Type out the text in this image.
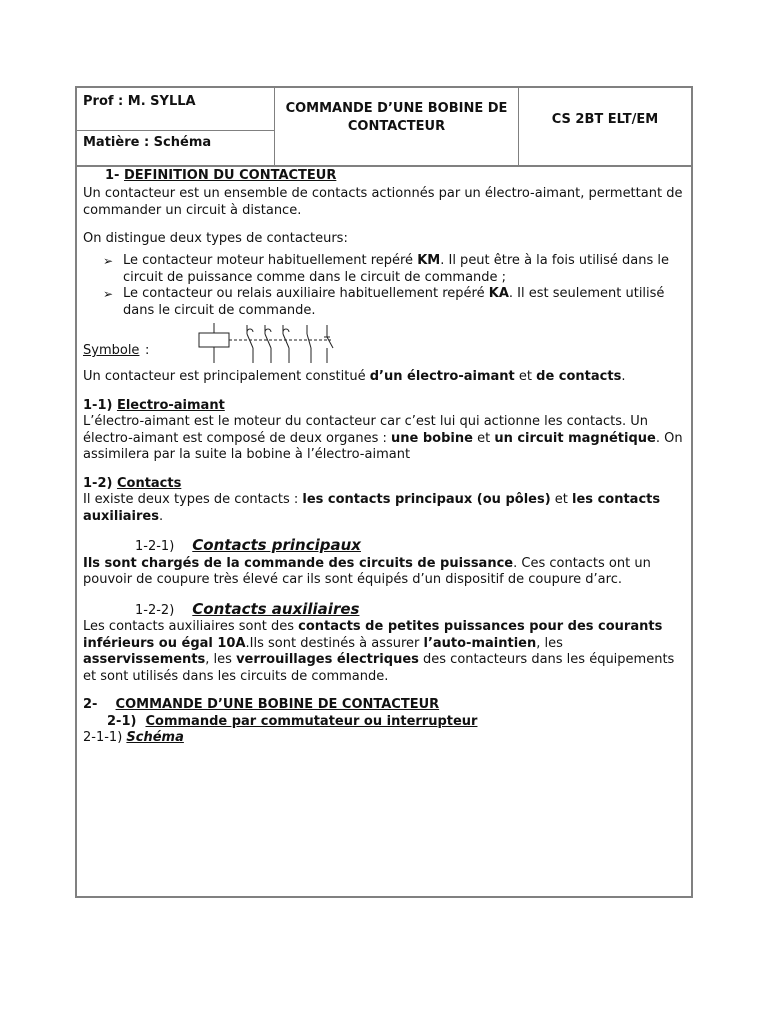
Prof : M. SYLLA
Matière : Schéma
COMMANDE D’UNE BOBINE DE CONTACTEUR	CS 2BT ELT/EM

1- DEFINITION DU CONTACTEUR

Un contacteur est un ensemble de contacts actionnés par un électro-aimant, permettant de commander un circuit à distance.

On distingue deux types de contacteurs:

➢ Le contacteur moteur habituellement repéré KM. Il peut être à la fois utilisé dans le circuit de puissance comme dans le circuit de commande ;
➢ Le contacteur ou relais auxiliaire habituellement repéré KA. Il est seulement utilisé dans le circuit de commande.
Symbole :

Un contacteur est principalement constitué d’un électro-aimant et de contacts.

1-1) Electro-aimant

L’électro-aimant est le moteur du contacteur car c’est lui qui actionne les contacts. Un électro-aimant est composé de deux organes : une bobine et un circuit magnétique. On assimilera par la suite la bobine à l’électro-aimant

1-2) Contacts

Il existe deux types de contacts : les contacts principaux (ou pôles) et les contacts auxiliaires.

1-2-1) Contacts principaux

Ils sont chargés de la commande des circuits de puissance. Ces contacts ont un pouvoir de coupure très élevé car ils sont équipés d’un dispositif de coupure d’arc.

1-2-2) Contacts auxiliaires

Les contacts auxiliaires sont des contacts de petites puissances pour des courants inférieurs ou égal 10A.Ils sont destinés à assurer l’auto-maintien, les asservissements, les verrouillages électriques des contacteurs dans les équipements et sont utilisés dans les circuits de commande.

2-    COMMANDE D’UNE BOBINE DE CONTACTEUR

2-1)  Commande par commutateur ou interrupteur

2-1-1) Schéma
